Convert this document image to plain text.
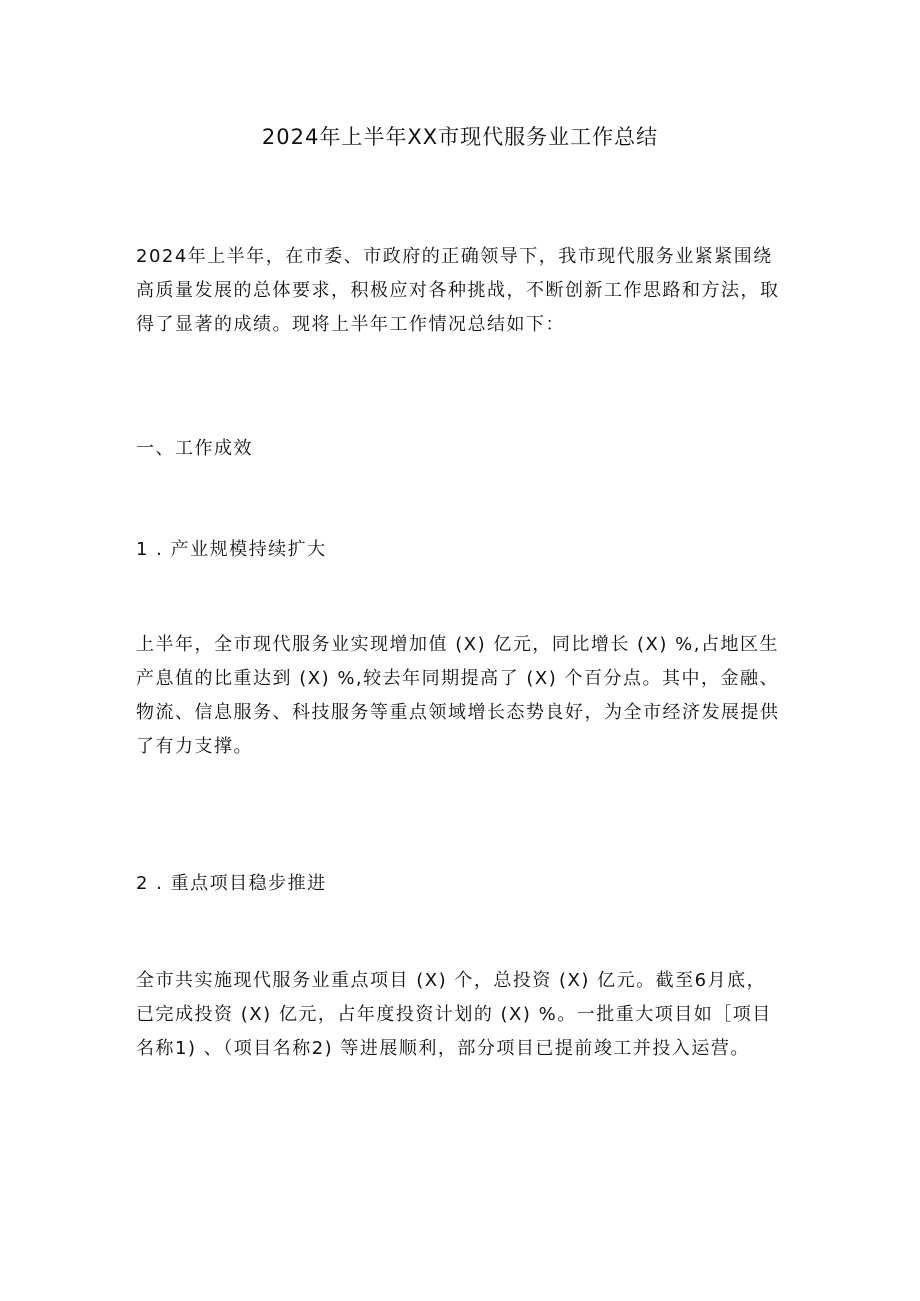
2024年上半年XX市现代服务业工作总结
2024年上半年，在市委、市政府的正确领导下，我市现代服务业紧紧围绕
高质量发展的总体要求，积极应对各种挑战，不断创新工作思路和方法，取
得了显著的成绩。现将上半年工作情况总结如下：
一、工作成效
1 . 产业规模持续扩大
上半年，全市现代服务业实现增加值 (X) 亿元，同比增长 (X) %,占地区生
产息值的比重达到 (X) %,较去年同期提高了 (X) 个百分点。其中，金融、
物流、信息服务、科技服务等重点领域增长态势良好，为全市经济发展提供
了有力支撑。
2 . 重点项目稳步推进
全市共实施现代服务业重点项目 (X) 个，总投资 (X) 亿元。截至6月底，
已完成投资 (X) 亿元，占年度投资计划的 (X) %。一批重大项目如［项目
名称1) 、（项目名称2) 等进展顺利，部分项目已提前竣工并投入运营。
